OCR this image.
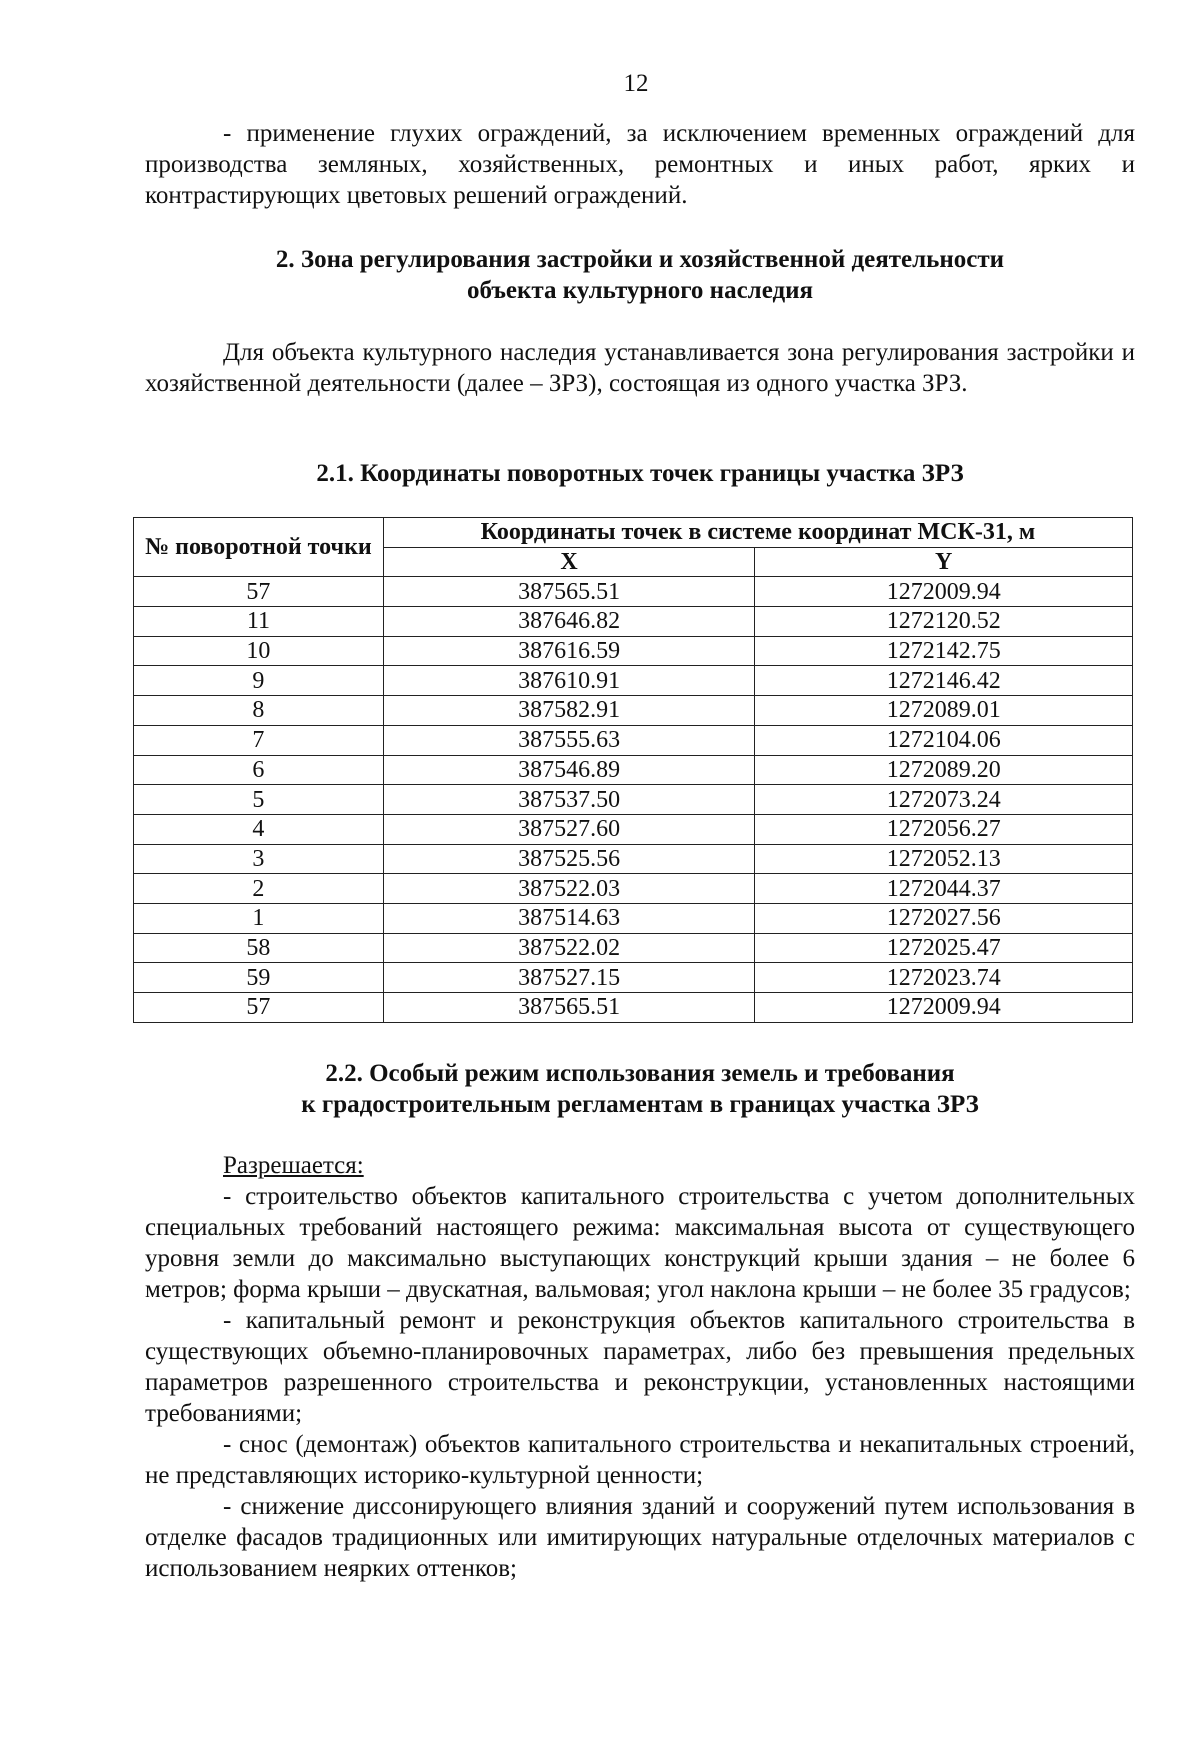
12
- применение глухих ограждений, за исключением временных ограждений для производства земляных, хозяйственных, ремонтных и иных работ, ярких и контрастирующих цветовых решений ограждений.
2. Зона регулирования застройки и хозяйственной деятельности
объекта культурного наследия
Для объекта культурного наследия устанавливается зона регулирования застройки и хозяйственной деятельности (далее – ЗРЗ), состоящая из одного участка ЗРЗ.
2.1. Координаты поворотных точек границы участка ЗРЗ
№ поворотной точки	Координаты точек в системе координат МСК-31, м	
	X	Y
57	387565.51	1272009.94
11	387646.82	1272120.52
10	387616.59	1272142.75
9	387610.91	1272146.42
8	387582.91	1272089.01
7	387555.63	1272104.06
6	387546.89	1272089.20
5	387537.50	1272073.24
4	387527.60	1272056.27
3	387525.56	1272052.13
2	387522.03	1272044.37
1	387514.63	1272027.56
58	387522.02	1272025.47
59	387527.15	1272023.74
57	387565.51	1272009.94
2.2. Особый режим использования земель и требования
к градостроительным регламентам в границах участка ЗРЗ
Разрешается:
- строительство объектов капитального строительства с учетом дополнительных специальных требований настоящего режима: максимальная высота от существующего уровня земли до максимально выступающих конструкций крыши здания – не более 6 метров; форма крыши – двускатная, вальмовая; угол наклона крыши – не более 35 градусов;
- капитальный ремонт и реконструкция объектов капитального строительства в существующих объемно-планировочных параметрах, либо без превышения предельных параметров разрешенного строительства и реконструкции, установленных настоящими требованиями;
- снос (демонтаж) объектов капитального строительства и некапитальных строений, не представляющих историко-культурной ценности;
- снижение диссонирующего влияния зданий и сооружений путем использования в отделке фасадов традиционных или имитирующих натуральные отделочных материалов с использованием неярких оттенков;
